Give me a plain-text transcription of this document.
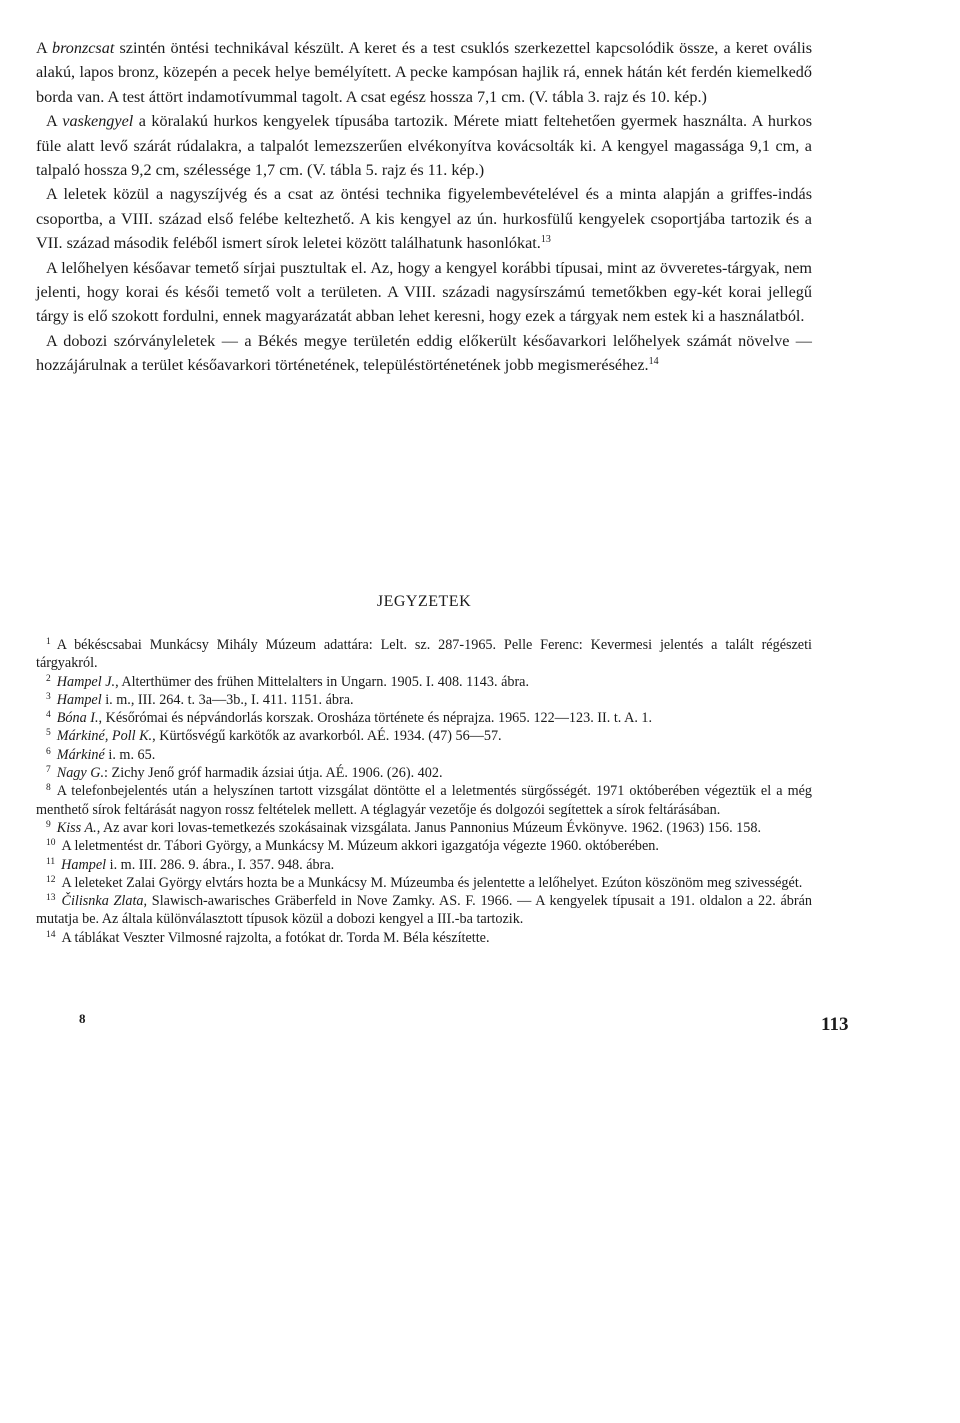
A bronzcsat szintén öntési technikával készült. A keret és a test csuklós szerkezettel kapcsolódik össze, a keret ovális alakú, lapos bronz, közepén a pecek helye bemélyített. A pecke kampósan hajlik rá, ennek hátán két ferdén kiemelkedő borda van. A test áttört indamotívummal tagolt. A csat egész hossza 7,1 cm. (V. tábla 3. rajz és 10. kép.)

A vaskengyel a köralakú hurkos kengyelek típusába tartozik. Mérete miatt feltehetően gyermek használta. A hurkos füle alatt levő szárát rúdalakra, a talpalót lemezszerűen elvékonyítva kovácsolták ki. A kengyel magassága 9,1 cm, a talpaló hossza 9,2 cm, szélessége 1,7 cm. (V. tábla 5. rajz és 11. kép.)

A leletek közül a nagyszíjvég és a csat az öntési technika figyelembevételével és a minta alapján a griffes-indás csoportba, a VIII. század első felébe keltezhető. A kis kengyel az ún. hurkosfülű kengyelek csoportjába tartozik és a VII. század második feléből ismert sírok leletei között találhatunk hasonlókat.$^{13}$

A lelőhelyen későavar temető sírjai pusztultak el. Az, hogy a kengyel korábbi típusai, mint az övveretes-tárgyak, nem jelenti, hogy korai és késői temető volt a területen. A VIII. századi nagysírszámú temetőkben egy-két korai jellegű tárgy is elő szokott fordulni, ennek magyarázatát abban lehet keresni, hogy ezek a tárgyak nem estek ki a használatból.

A dobozi szórványleletek — a Békés megye területén eddig előkerült későavarkori lelőhelyek számát növelve — hozzájárulnak a terület későavarkori történetének, településtörténetének jobb megismeréséhez.$^{14}$

JEGYZETEK

$^1$ A békéscsabai Munkácsy Mihály Múzeum adattára: Lelt. sz. 287-1965. Pelle Ferenc: Kevermesi jelentés a talált régészeti tárgyakról.

$^2$ Hampel J., Alterthümer des frühen Mittelalters in Ungarn. 1905. I. 408. 1143. ábra.

$^3$ Hampel i. m., III. 264. t. 3a—3b., I. 411. 1151. ábra.

$^4$ Bóna I., Későrómai és népvándorlás korszak. Orosháza története és néprajza. 1965. 122—123. II. t. A. 1.

$^5$ Márkiné, Poll K., Kürtősvégű karkötők az avarkorból. AÉ. 1934. (47) 56—57.

$^6$ Márkiné i. m. 65.

$^7$ Nagy G.: Zichy Jenő gróf harmadik ázsiai útja. AÉ. 1906. (26). 402.

$^8$ A telefonbejelentés után a helyszínen tartott vizsgálat döntötte el a leletmentés sürgősségét. 1971 októberében végeztük el a még menthető sírok feltárását nagyon rossz feltételek mellett. A téglagyár vezetője és dolgozói segítettek a sírok feltárásában.

$^9$ Kiss A., Az avar kori lovas-temetkezés szokásainak vizsgálata. Janus Pannonius Múzeum Évkönyve. 1962. (1963) 156. 158.

$^{10}$ A leletmentést dr. Tábori György, a Munkácsy M. Múzeum akkori igazgatója végezte 1960. októberében.

$^{11}$ Hampel i. m. III. 286. 9. ábra., I. 357. 948. ábra.

$^{12}$ A leleteket Zalai György elvtárs hozta be a Munkácsy M. Múzeumba és jelentette a lelőhelyet. Ezúton köszönöm meg szivességét.

$^{13}$ Čilisnka Zlata, Slawisch-awarisches Gräberfeld in Nove Zamky. AS. F. 1966. — A kengyelek típusait a 191. oldalon a 22. ábrán mutatja be. Az általa különválasztott típusok közül a dobozi kengyel a III.-ba tartozik.

$^{14}$ A táblákat Veszter Vilmosné rajzolta, a fotókat dr. Torda M. Béla készítette.

8	113
